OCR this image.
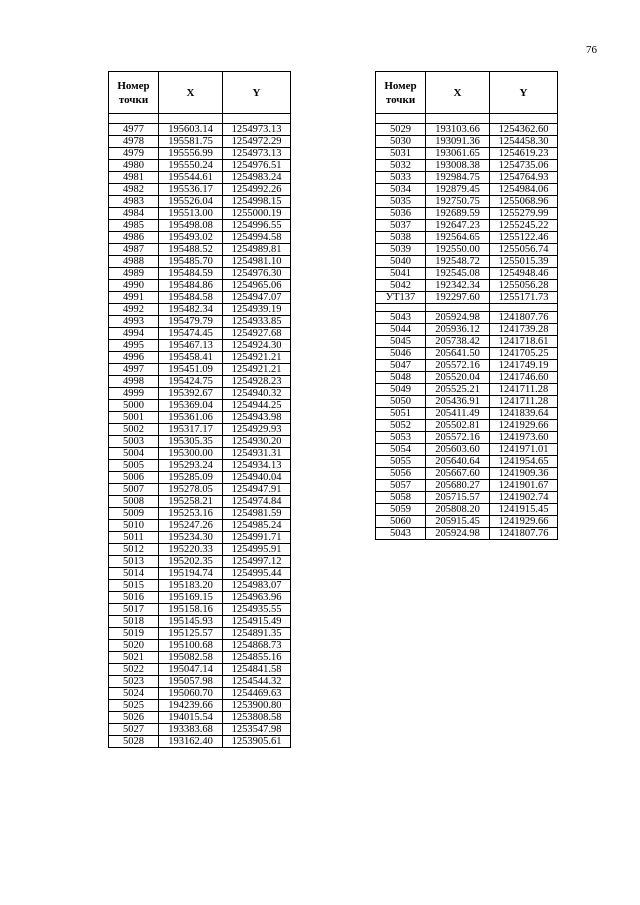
76
Номер
точки	X	Y

4977	195603.14	1254973.13
4978	195581.75	1254972.29
4979	195556.99	1254973.13
4980	195550.24	1254976.51
4981	195544.61	1254983.24
4982	195536.17	1254992.26
4983	195526.04	1254998.15
4984	195513.00	1255000.19
4985	195498.08	1254996.55
4986	195493.02	1254994.58
4987	195488.52	1254989.81
4988	195485.70	1254981.10
4989	195484.59	1254976.30
4990	195484.86	1254965.06
4991	195484.58	1254947.07
4992	195482.34	1254939.19
4993	195479.79	1254933.85
4994	195474.45	1254927.68
4995	195467.13	1254924.30
4996	195458.41	1254921.21
4997	195451.09	1254921.21
4998	195424.75	1254928.23
4999	195392.67	1254940.32
5000	195369.04	1254944.25
5001	195361.06	1254943.98
5002	195317.17	1254929.93
5003	195305.35	1254930.20
5004	195300.00	1254931.31
5005	195293.24	1254934.13
5006	195285.09	1254940.04
5007	195278.05	1254947.91
5008	195258.21	1254974.84
5009	195253.16	1254981.59
5010	195247.26	1254985.24
5011	195234.30	1254991.71
5012	195220.33	1254995.91
5013	195202.35	1254997.12
5014	195194.74	1254995.44
5015	195183.20	1254983.07
5016	195169.15	1254963.96
5017	195158.16	1254935.55
5018	195145.93	1254915.49
5019	195125.57	1254891.35
5020	195100.68	1254868.73
5021	195082.58	1254855.16
5022	195047.14	1254841.58
5023	195057.98	1254544.32
5024	195060.70	1254469.63
5025	194239.66	1253900.80
5026	194015.54	1253808.58
5027	193383.68	1253547.98
5028	193162.40	1253905.61
Номер
точки	X	Y

5029	193103.66	1254362.60
5030	193091.36	1254458.30
5031	193061.65	1254619.23
5032	193008.38	1254735.06
5033	192984.75	1254764.93
5034	192879.45	1254984.06
5035	192750.75	1255068.96
5036	192689.59	1255279.99
5037	192647.23	1255245.22
5038	192564.65	1255122.46
5039	192550.00	1255056.74
5040	192548.72	1255015.39
5041	192545.08	1254948.46
5042	192342.34	1255056.28
УТ137	192297.60	1255171.73

5043	205924.98	1241807.76
5044	205936.12	1241739.28
5045	205738.42	1241718.61
5046	205641.50	1241705.25
5047	205572.16	1241749.19
5048	205520.04	1241746.60
5049	205525.21	1241711.28
5050	205436.91	1241711.28
5051	205411.49	1241839.64
5052	205502.81	1241929.66
5053	205572.16	1241973.60
5054	205603.60	1241971.01
5055	205640.64	1241954.65
5056	205667.60	1241909.36
5057	205680.27	1241901.67
5058	205715.57	1241902.74
5059	205808.20	1241915.45
5060	205915.45	1241929.66
5043	205924.98	1241807.76
